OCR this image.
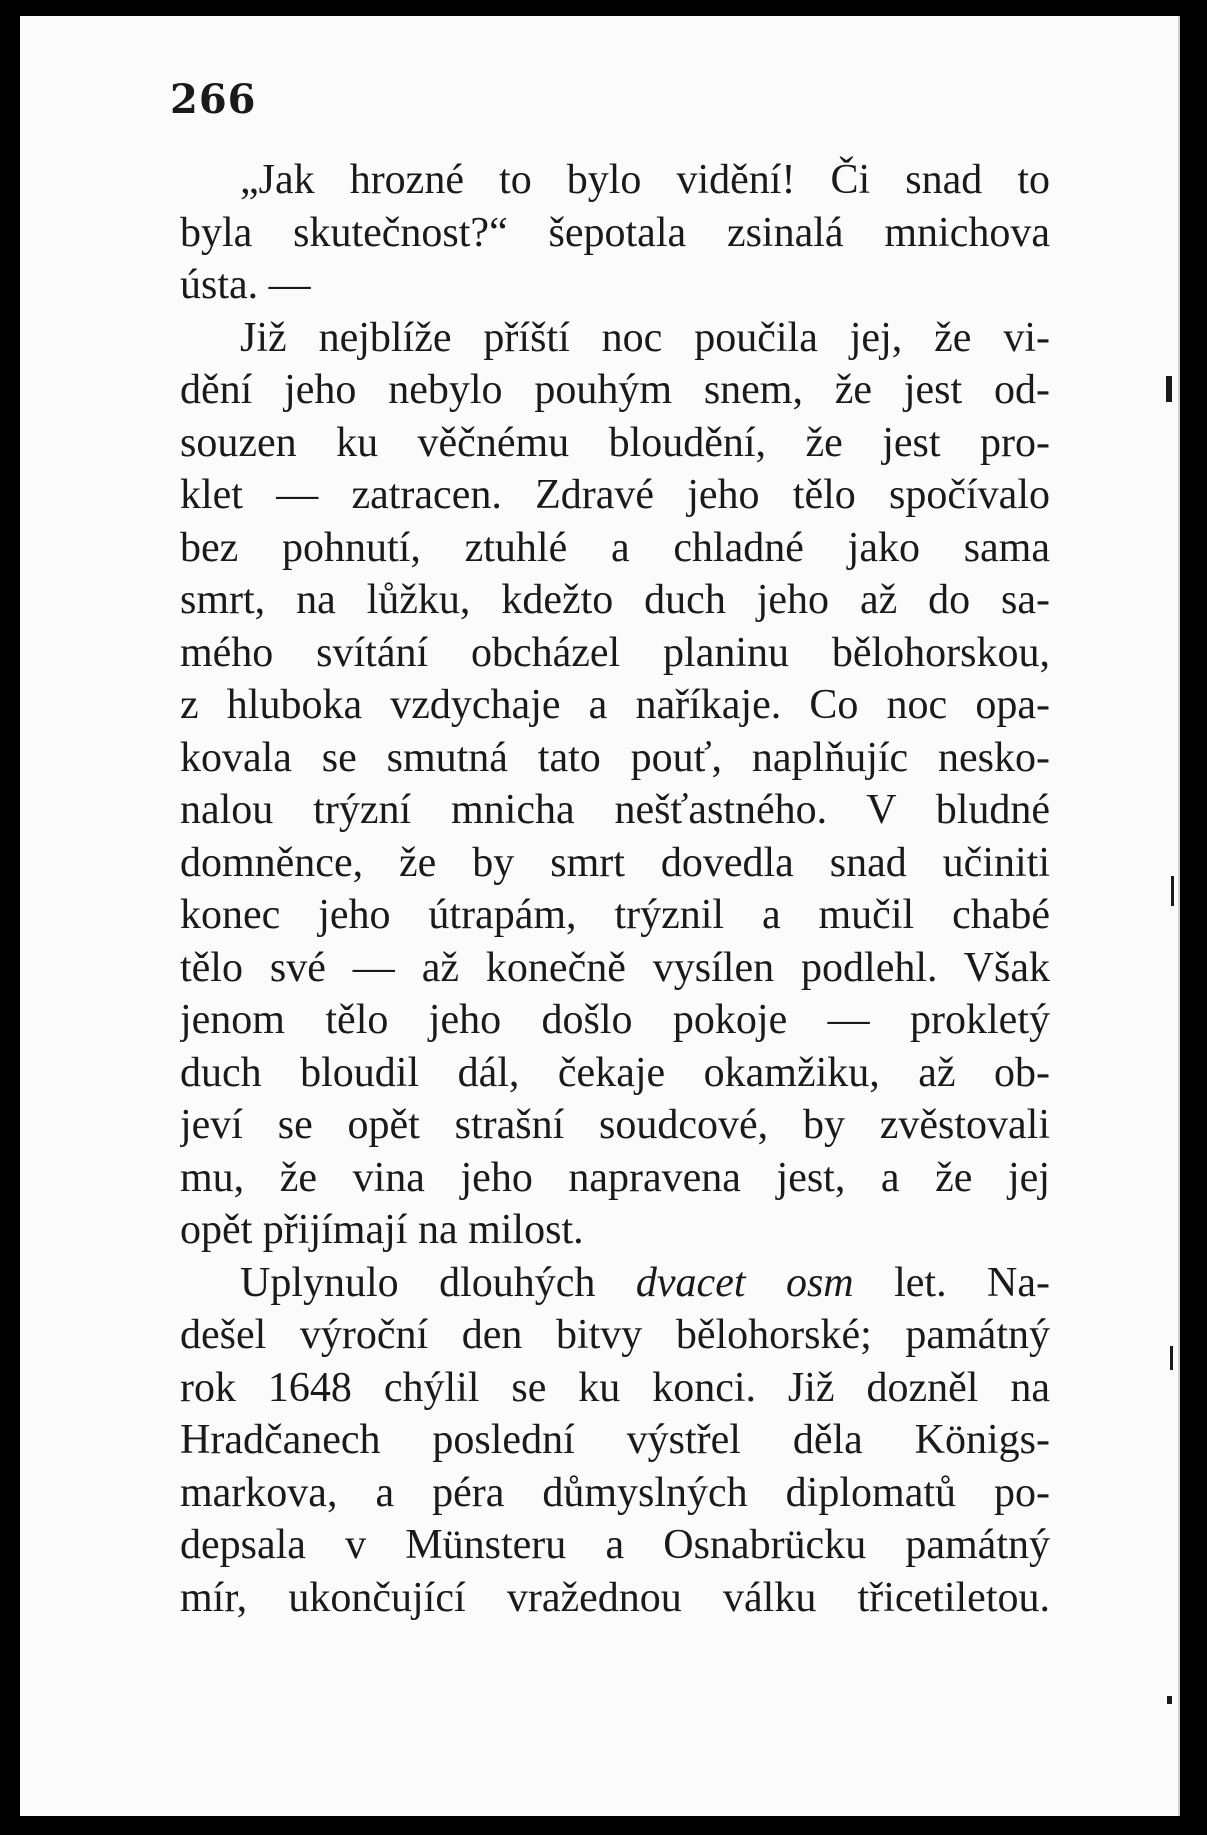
266
„Jak hrozné to bylo vidění! Či snad to
byla skutečnost?“ šepotala zsinalá mnichova
ústa. —
Již nejblíže příští noc poučila jej, že vi-
dění jeho nebylo pouhým snem, že jest od-
souzen ku věčnému bloudění, že jest pro-
klet — zatracen. Zdravé jeho tělo spočívalo
bez pohnutí, ztuhlé a chladné jako sama
smrt, na lůžku, kdežto duch jeho až do sa-
mého svítání obcházel planinu bělohorskou,
z hluboka vzdychaje a naříkaje. Co noc opa-
kovala se smutná tato pouť, naplňujíc nesko-
nalou trýzní mnicha nešťastného. V bludné
domněnce, že by smrt dovedla snad učiniti
konec jeho útrapám, trýznil a mučil chabé
tělo své — až konečně vysílen podlehl. Však
jenom tělo jeho došlo pokoje — prokletý
duch bloudil dál, čekaje okamžiku, až ob-
jeví se opět strašní soudcové, by zvěstovali
mu, že vina jeho napravena jest, a že jej
opět přijímají na milost.
Uplynulo dlouhých dvacet osm let. Na-
dešel výroční den bitvy bělohorské; památný
rok 1648 chýlil se ku konci. Již dozněl na
Hradčanech poslední výstřel děla Königs-
markova, a péra důmyslných diplomatů po-
depsala v Münsteru a Osnabrücku památný
mír, ukončující vražednou válku třicetiletou.
